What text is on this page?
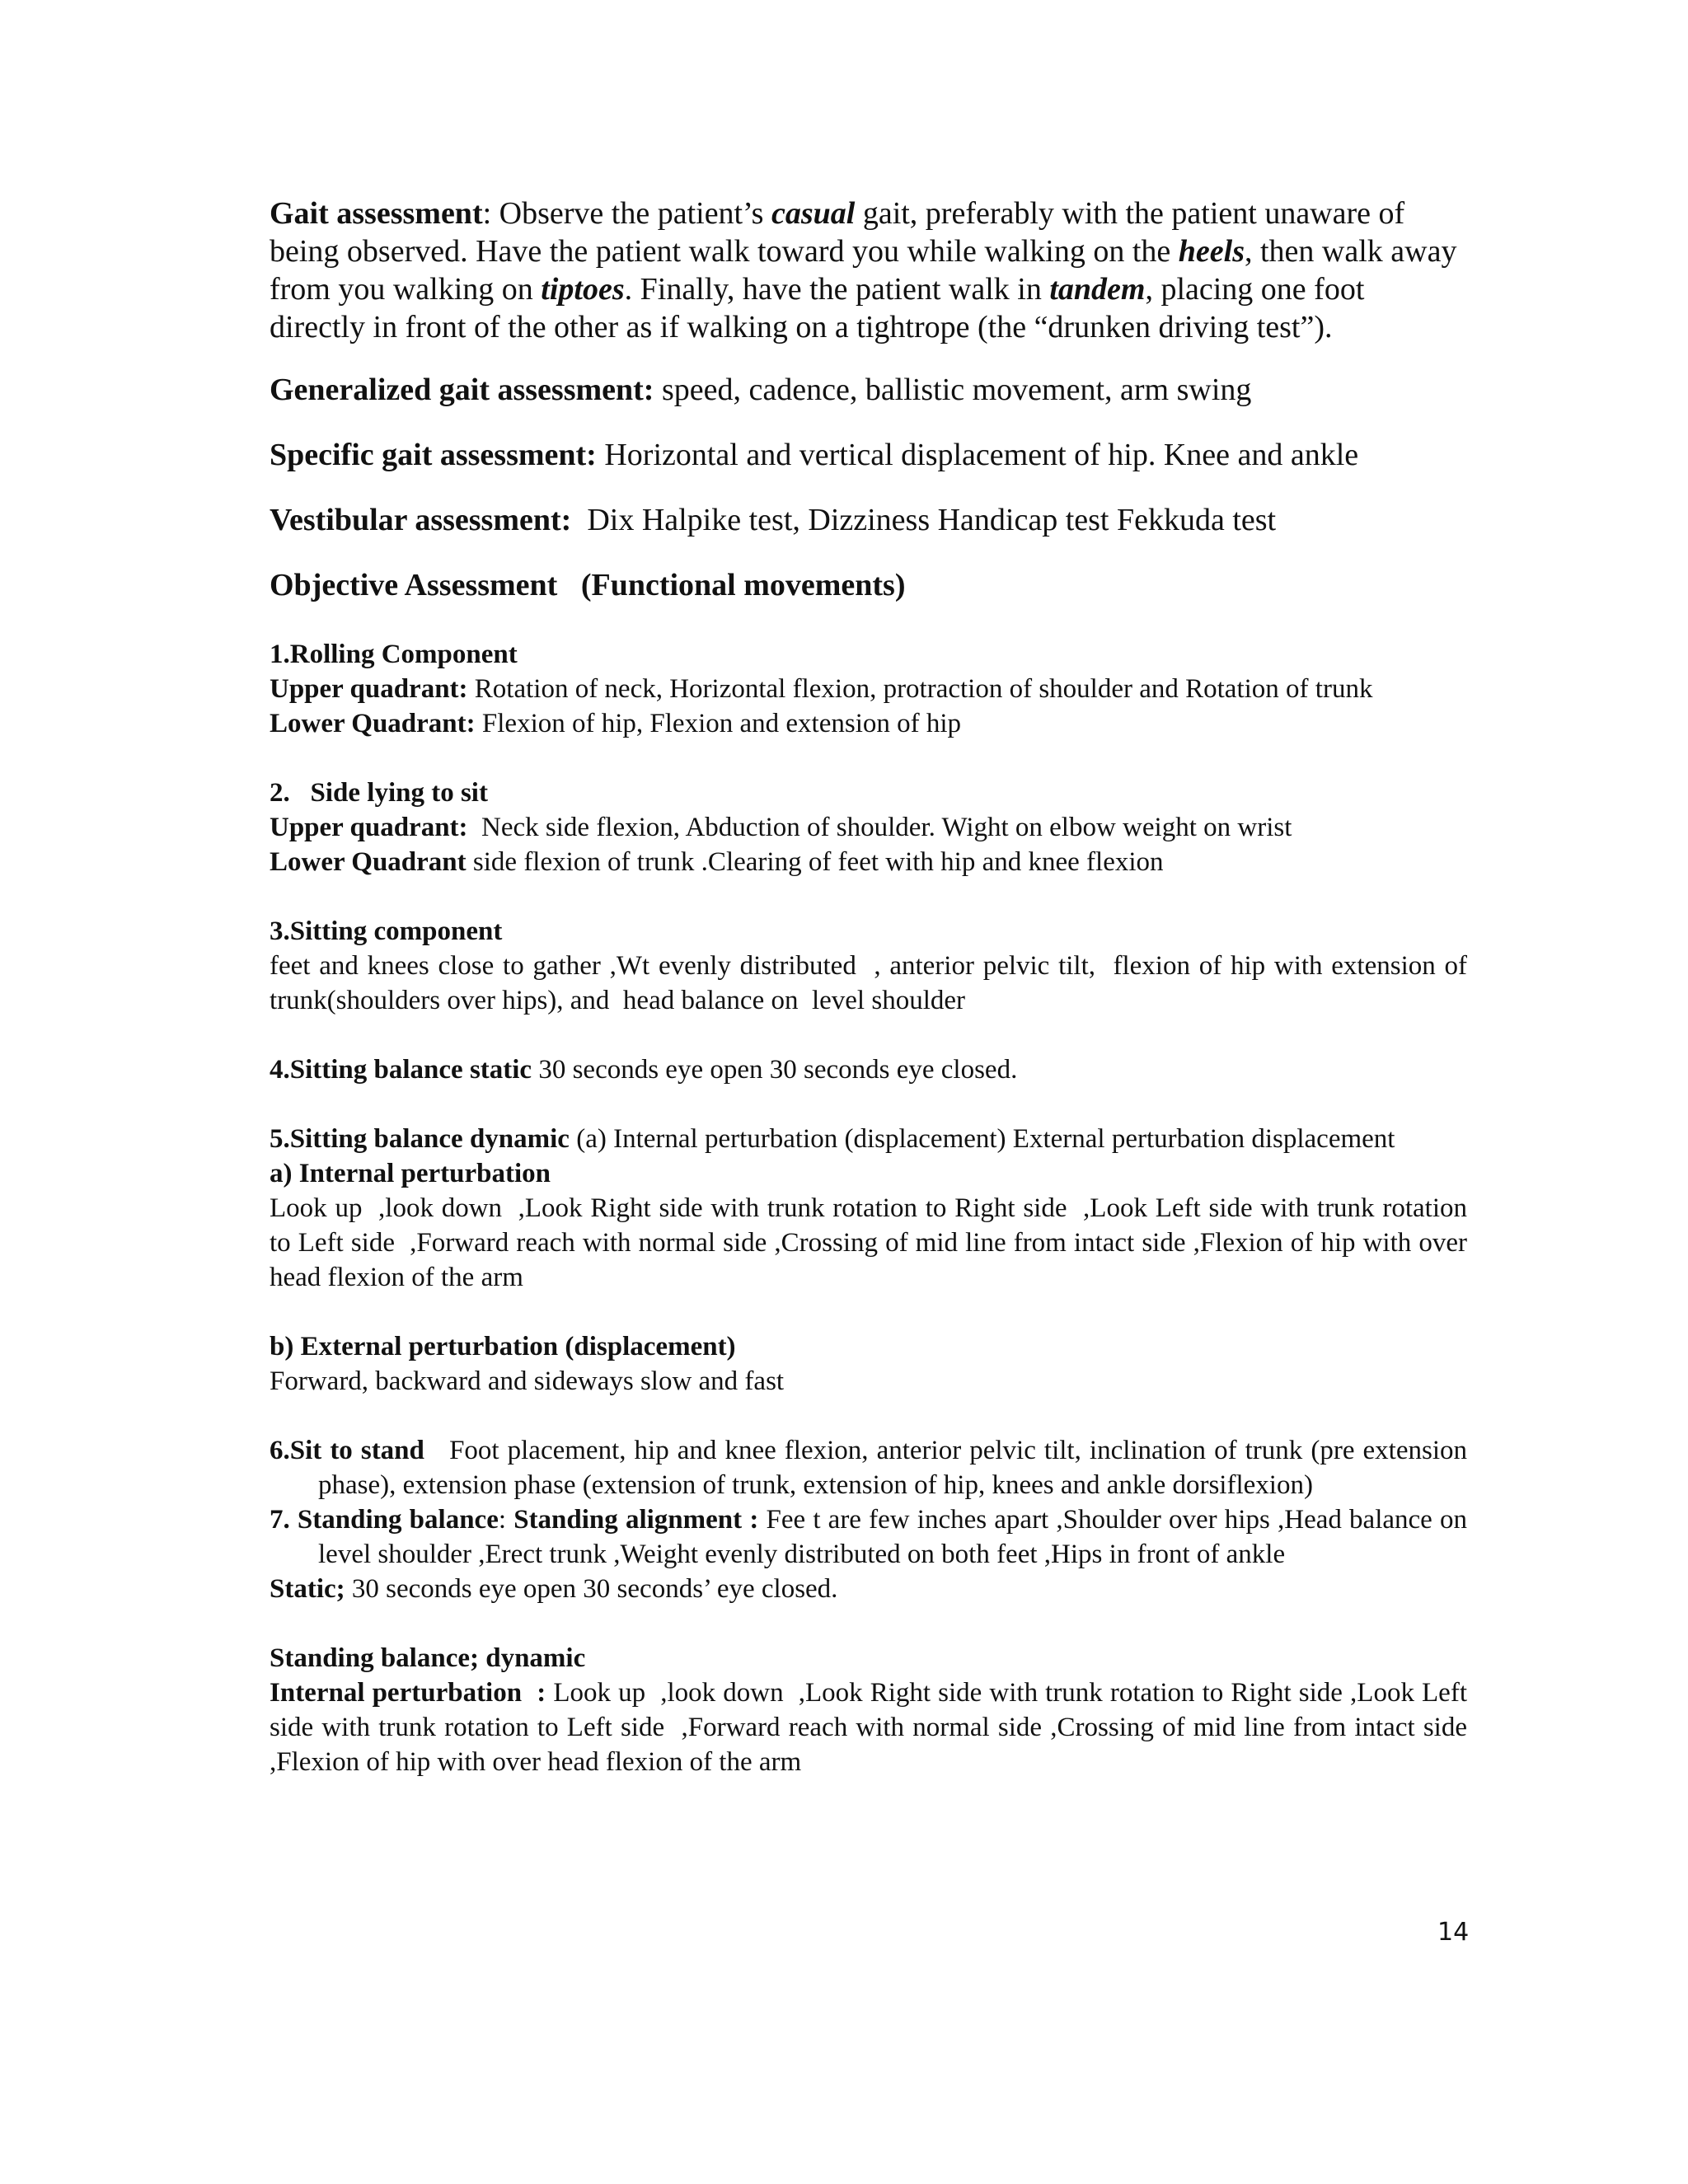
Gait assessment: Observe the patient’s casual gait, preferably with the patient unaware of being observed. Have the patient walk toward you while walking on the heels, then walk away from you walking on tiptoes. Finally, have the patient walk in tandem, placing one foot directly in front of the other as if walking on a tightrope (the “drunken driving test”).

Generalized gait assessment: speed, cadence, ballistic movement, arm swing

Specific gait assessment: Horizontal and vertical displacement of hip. Knee and ankle

Vestibular assessment:  Dix Halpike test, Dizziness Handicap test Fekkuda test

Objective Assessment   (Functional movements)

1.Rolling Component

Upper quadrant: Rotation of neck, Horizontal flexion, protraction of shoulder and Rotation of trunk

Lower Quadrant: Flexion of hip, Flexion and extension of hip

2.   Side lying to sit

Upper quadrant:  Neck side flexion, Abduction of shoulder. Wight on elbow weight on wrist

Lower Quadrant side flexion of trunk .Clearing of feet with hip and knee flexion

3.Sitting component

feet and knees close to gather ,Wt evenly distributed  , anterior pelvic tilt,  flexion of hip with extension of trunk(shoulders over hips), and  head balance on  level shoulder

4.Sitting balance static 30 seconds eye open 30 seconds eye closed.

5.Sitting balance dynamic (a) Internal perturbation (displacement) External perturbation displacement

a) Internal perturbation

Look up  ,look down  ,Look Right side with trunk rotation to Right side  ,Look Left side with trunk rotation to Left side  ,Forward reach with normal side ,Crossing of mid line from intact side ,Flexion of hip with over head flexion of the arm

b) External perturbation (displacement)

Forward, backward and sideways slow and fast

6.Sit to stand   Foot placement, hip and knee flexion, anterior pelvic tilt, inclination of trunk (pre extension phase), extension phase (extension of trunk, extension of hip, knees and ankle dorsiflexion)

7. Standing balance: Standing alignment : Fee t are few inches apart ,Shoulder over hips ,Head balance on level shoulder ,Erect trunk ,Weight evenly distributed on both feet ,Hips in front of ankle

Static; 30 seconds eye open 30 seconds’ eye closed.

Standing balance; dynamic

Internal perturbation  : Look up  ,look down  ,Look Right side with trunk rotation to Right side ,Look Left side with trunk rotation to Left side  ,Forward reach with normal side ,Crossing of mid line from intact side ,Flexion of hip with over head flexion of the arm

14
